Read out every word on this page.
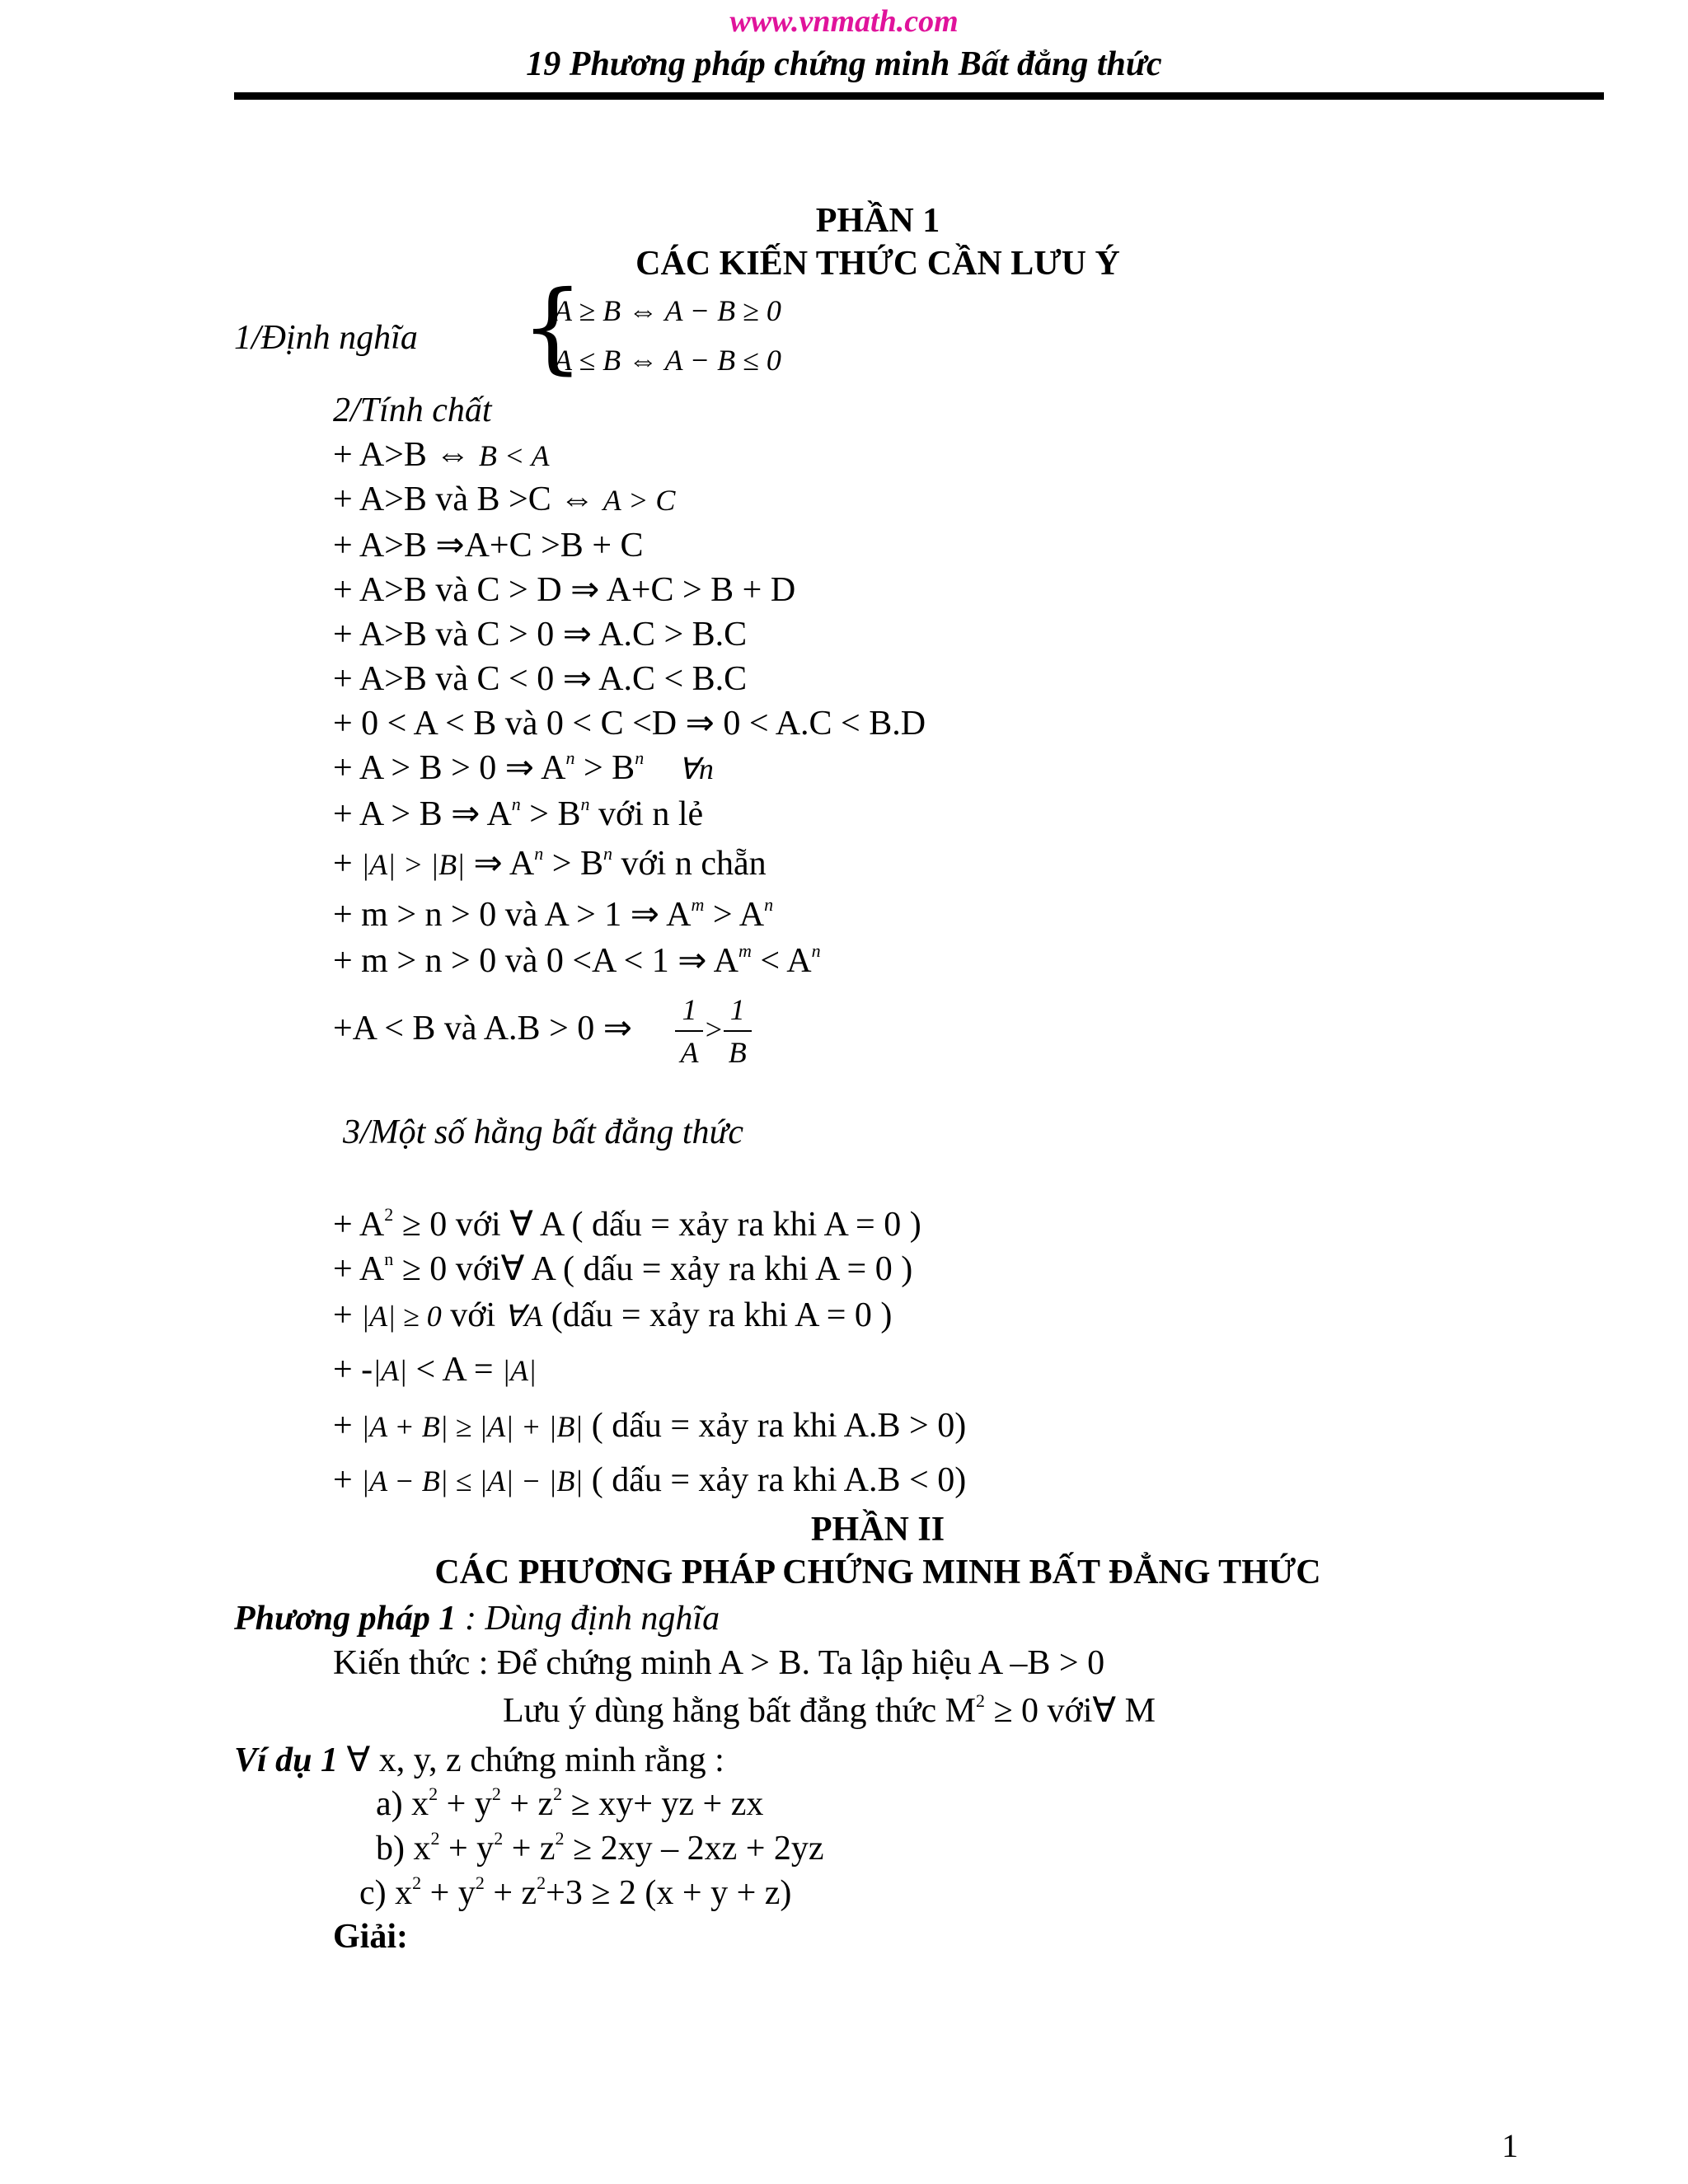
www.vnmath.com
19 Phương pháp chứng minh Bất đẳng thức
PHẦN 1
CÁC KIẾN THỨC CẦN LƯU Ý
1/Định nghĩa {
A ≥ B ⇔ A − B ≥ 0
A ≤ B ⇔ A − B ≤ 0
2/Tính chất
+ A>B ⇔ B < A
+ A>B và B >C ⇔ A > C
+ A>B ⇒A+C >B + C
+ A>B và C > D ⇒ A+C > B + D
+ A>B và C > 0 ⇒ A.C > B.C
+ A>B và C < 0 ⇒ A.C < B.C
+ 0 < A < B và 0 < C <D ⇒ 0 < A.C < B.D
+ A > B > 0 ⇒ $A^n > B^n$ ∀n
+ A > B ⇒ $A^n > B^n$ với n lẻ
+ |A| > |B| ⇒ $A^n > B^n$ với n chẵn
+ m > n > 0 và A > 1 ⇒ $A^m > A^n$
+ m > n > 0 và 0 <A < 1 ⇒ $A^m < A^n$
+A < B và A.B > 0 ⇒ $\frac{1}{A} > \frac{1}{B}$
3/Một số hằng bất đẳng thức
+ $A^2 \ge 0$ với ∀ A ( dấu = xảy ra khi A = 0 )
+ $A^n \ge 0$ với∀ A ( dấu = xảy ra khi A = 0 )
+ |A| ≥ 0 với ∀A (dấu = xảy ra khi A = 0 )
+ -|A| < A = |A|
+ |A + B| ≥ |A| + |B| ( dấu = xảy ra khi A.B > 0)
+ |A − B| ≤ |A| − |B| ( dấu = xảy ra khi A.B < 0)
PHẦN II
CÁC PHƯƠNG PHÁP CHỨNG MINH BẤT ĐẲNG THỨC
Phương pháp 1 : Dùng định nghĩa
Kiến thức : Để chứng minh A > B. Ta lập hiệu A –B > 0
Lưu ý dùng hằng bất đẳng thức $M^2 \ge 0$ với∀ M
Ví dụ 1 ∀ x, y, z chứng minh rằng :
a) $x^2 + y^2 + z^2 \ge xy+$ yz + zx
b) $x^2 + y^2 + z^2 \ge 2xy - 2xz + 2yz$
c) $x^2 + y^2 + z^2+3 \ge 2$ (x + y + z)
Giải:
1
